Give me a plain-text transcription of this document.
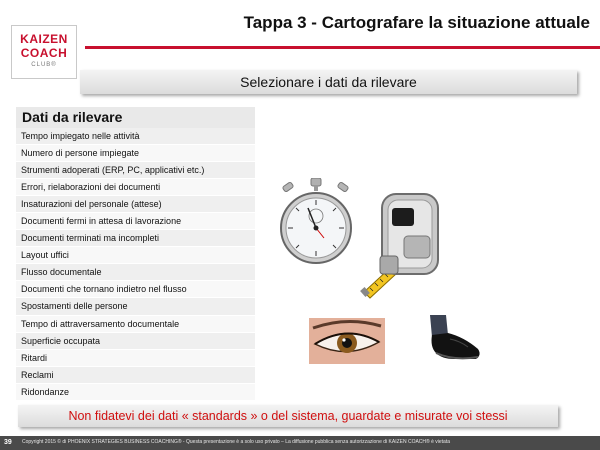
KAIZEN
COACH
CLUB®
Tappa 3 - Cartografare la situazione attuale
Selezionare i dati da rilevare
Dati da rilevare
Tempo impiegato nelle attività
Numero di persone impiegate
Strumenti adoperati (ERP, PC, applicativi etc.)
Errori, rielaborazioni dei documenti
Insaturazioni del personale (attese)
Documenti fermi in attesa di lavorazione
Documenti terminati ma incompleti
Layout uffici
Flusso documentale
Documenti che tornano indietro nel flusso
Spostamenti delle persone
Tempo di attraversamento documentale
Superficie occupata
Ritardi
Reclami
Ridondanze
Non fidatevi dei dati « standards » o del sistema, guardate e misurate voi stessi
39 Copyright 2015 © di PHOENIX STRATEGIES BUSINESS COACHING® - Questa presentazione è a solo uso privato – La diffusione pubblica senza autorizzazione di KAIZEN COACH® è vietata
